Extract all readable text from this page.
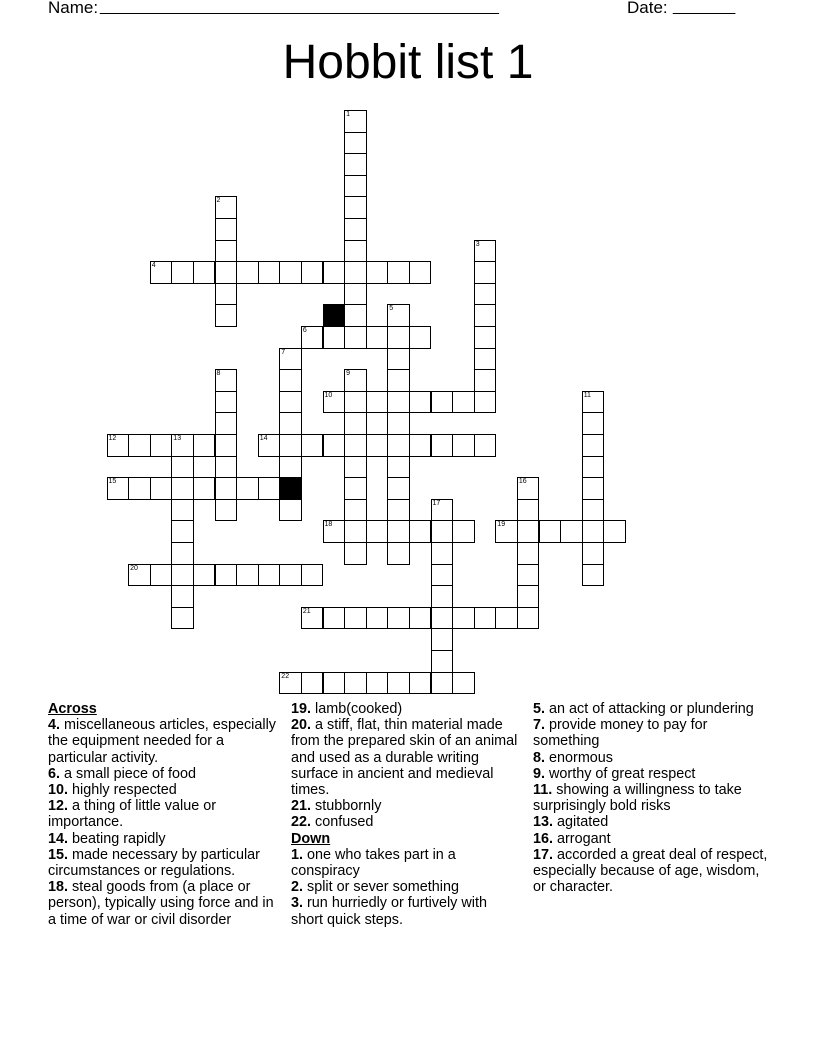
Name: ________________________________________________	Date: _______
Hobbit list 1
1
2
3
4
5
6
7
8	9
10	11
12	13	14
15	16
17
18	19
20
21
22
Across
4. miscellaneous articles, especially the equipment needed for a particular activity.
6. a small piece of food
10. highly respected
12. a thing of little value or importance.
14. beating rapidly
15. made necessary by particular circumstances or regulations.
18. steal goods from (a place or person), typically using force and in a time of war or civil disorder
19. lamb(cooked)
20. a stiff, flat, thin material made from the prepared skin of an animal and used as a durable writing surface in ancient and medieval times.
21. stubbornly
22. confused
Down
1. one who takes part in a conspiracy
2. split or sever something
3. run hurriedly or furtively with short quick steps.
5. an act of attacking or plundering
7. provide money to pay for something
8. enormous
9. worthy of great respect
11. showing a willingness to take surprisingly bold risks
13. agitated
16. arrogant
17. accorded a great deal of respect, especially because of age, wisdom, or character.
